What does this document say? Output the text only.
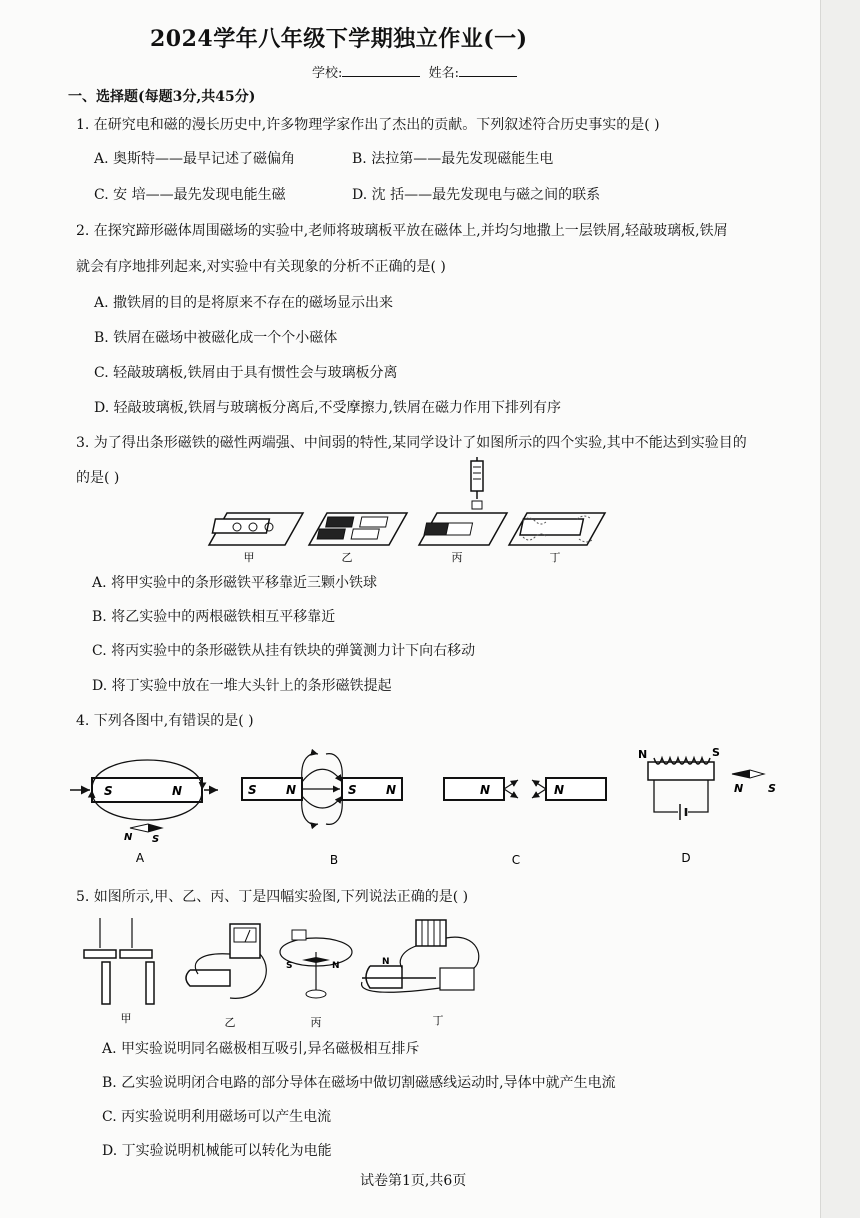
2024学年八年级下学期独立作业(一)
学校:	姓名:
一、选择题(每题3分,共45分)
1. 在研究电和磁的漫长历史中,许多物理学家作出了杰出的贡献。下列叙述符合历史事实的是( )
A. 奥斯特——最早记述了磁偏角	B. 法拉第——最先发现磁能生电
C. 安 培——最先发现电能生磁	D. 沈 括——最先发现电与磁之间的联系
2. 在探究蹄形磁体周围磁场的实验中,老师将玻璃板平放在磁体上,并均匀地撒上一层铁屑,轻敲玻璃板,铁屑
就会有序地排列起来,对实验中有关现象的分析不正确的是( )
A. 撒铁屑的目的是将原来不存在的磁场显示出来
B. 铁屑在磁场中被磁化成一个个小磁体
C. 轻敲玻璃板,铁屑由于具有惯性会与玻璃板分离
D. 轻敲玻璃板,铁屑与玻璃板分离后,不受摩擦力,铁屑在磁力作用下排列有序
3. 为了得出条形磁铁的磁性两端强、中间弱的特性,某同学设计了如图所示的四个实验,其中不能达到实验目的
的是( )
甲	乙	丙	丁
A. 将甲实验中的条形磁铁平移靠近三颗小铁球
B. 将乙实验中的两根磁铁相互平移靠近
C. 将丙实验中的条形磁铁从挂有铁块的弹簧测力计下向右移动
D. 将丁实验中放在一堆大头针上的条形磁铁提起
4. 下列各图中,有错误的是( )
S	N
N S
S N	S N	N	N
N	S
N S
A	B	C	D
5. 如图所示,甲、乙、丙、丁是四幅实验图,下列说法正确的是( )
S	N	N
甲	乙	丙	丁
A. 甲实验说明同名磁极相互吸引,异名磁极相互排斥
B. 乙实验说明闭合电路的部分导体在磁场中做切割磁感线运动时,导体中就产生电流
C. 丙实验说明利用磁场可以产生电流
D. 丁实验说明机械能可以转化为电能
试卷第1页,共6页
